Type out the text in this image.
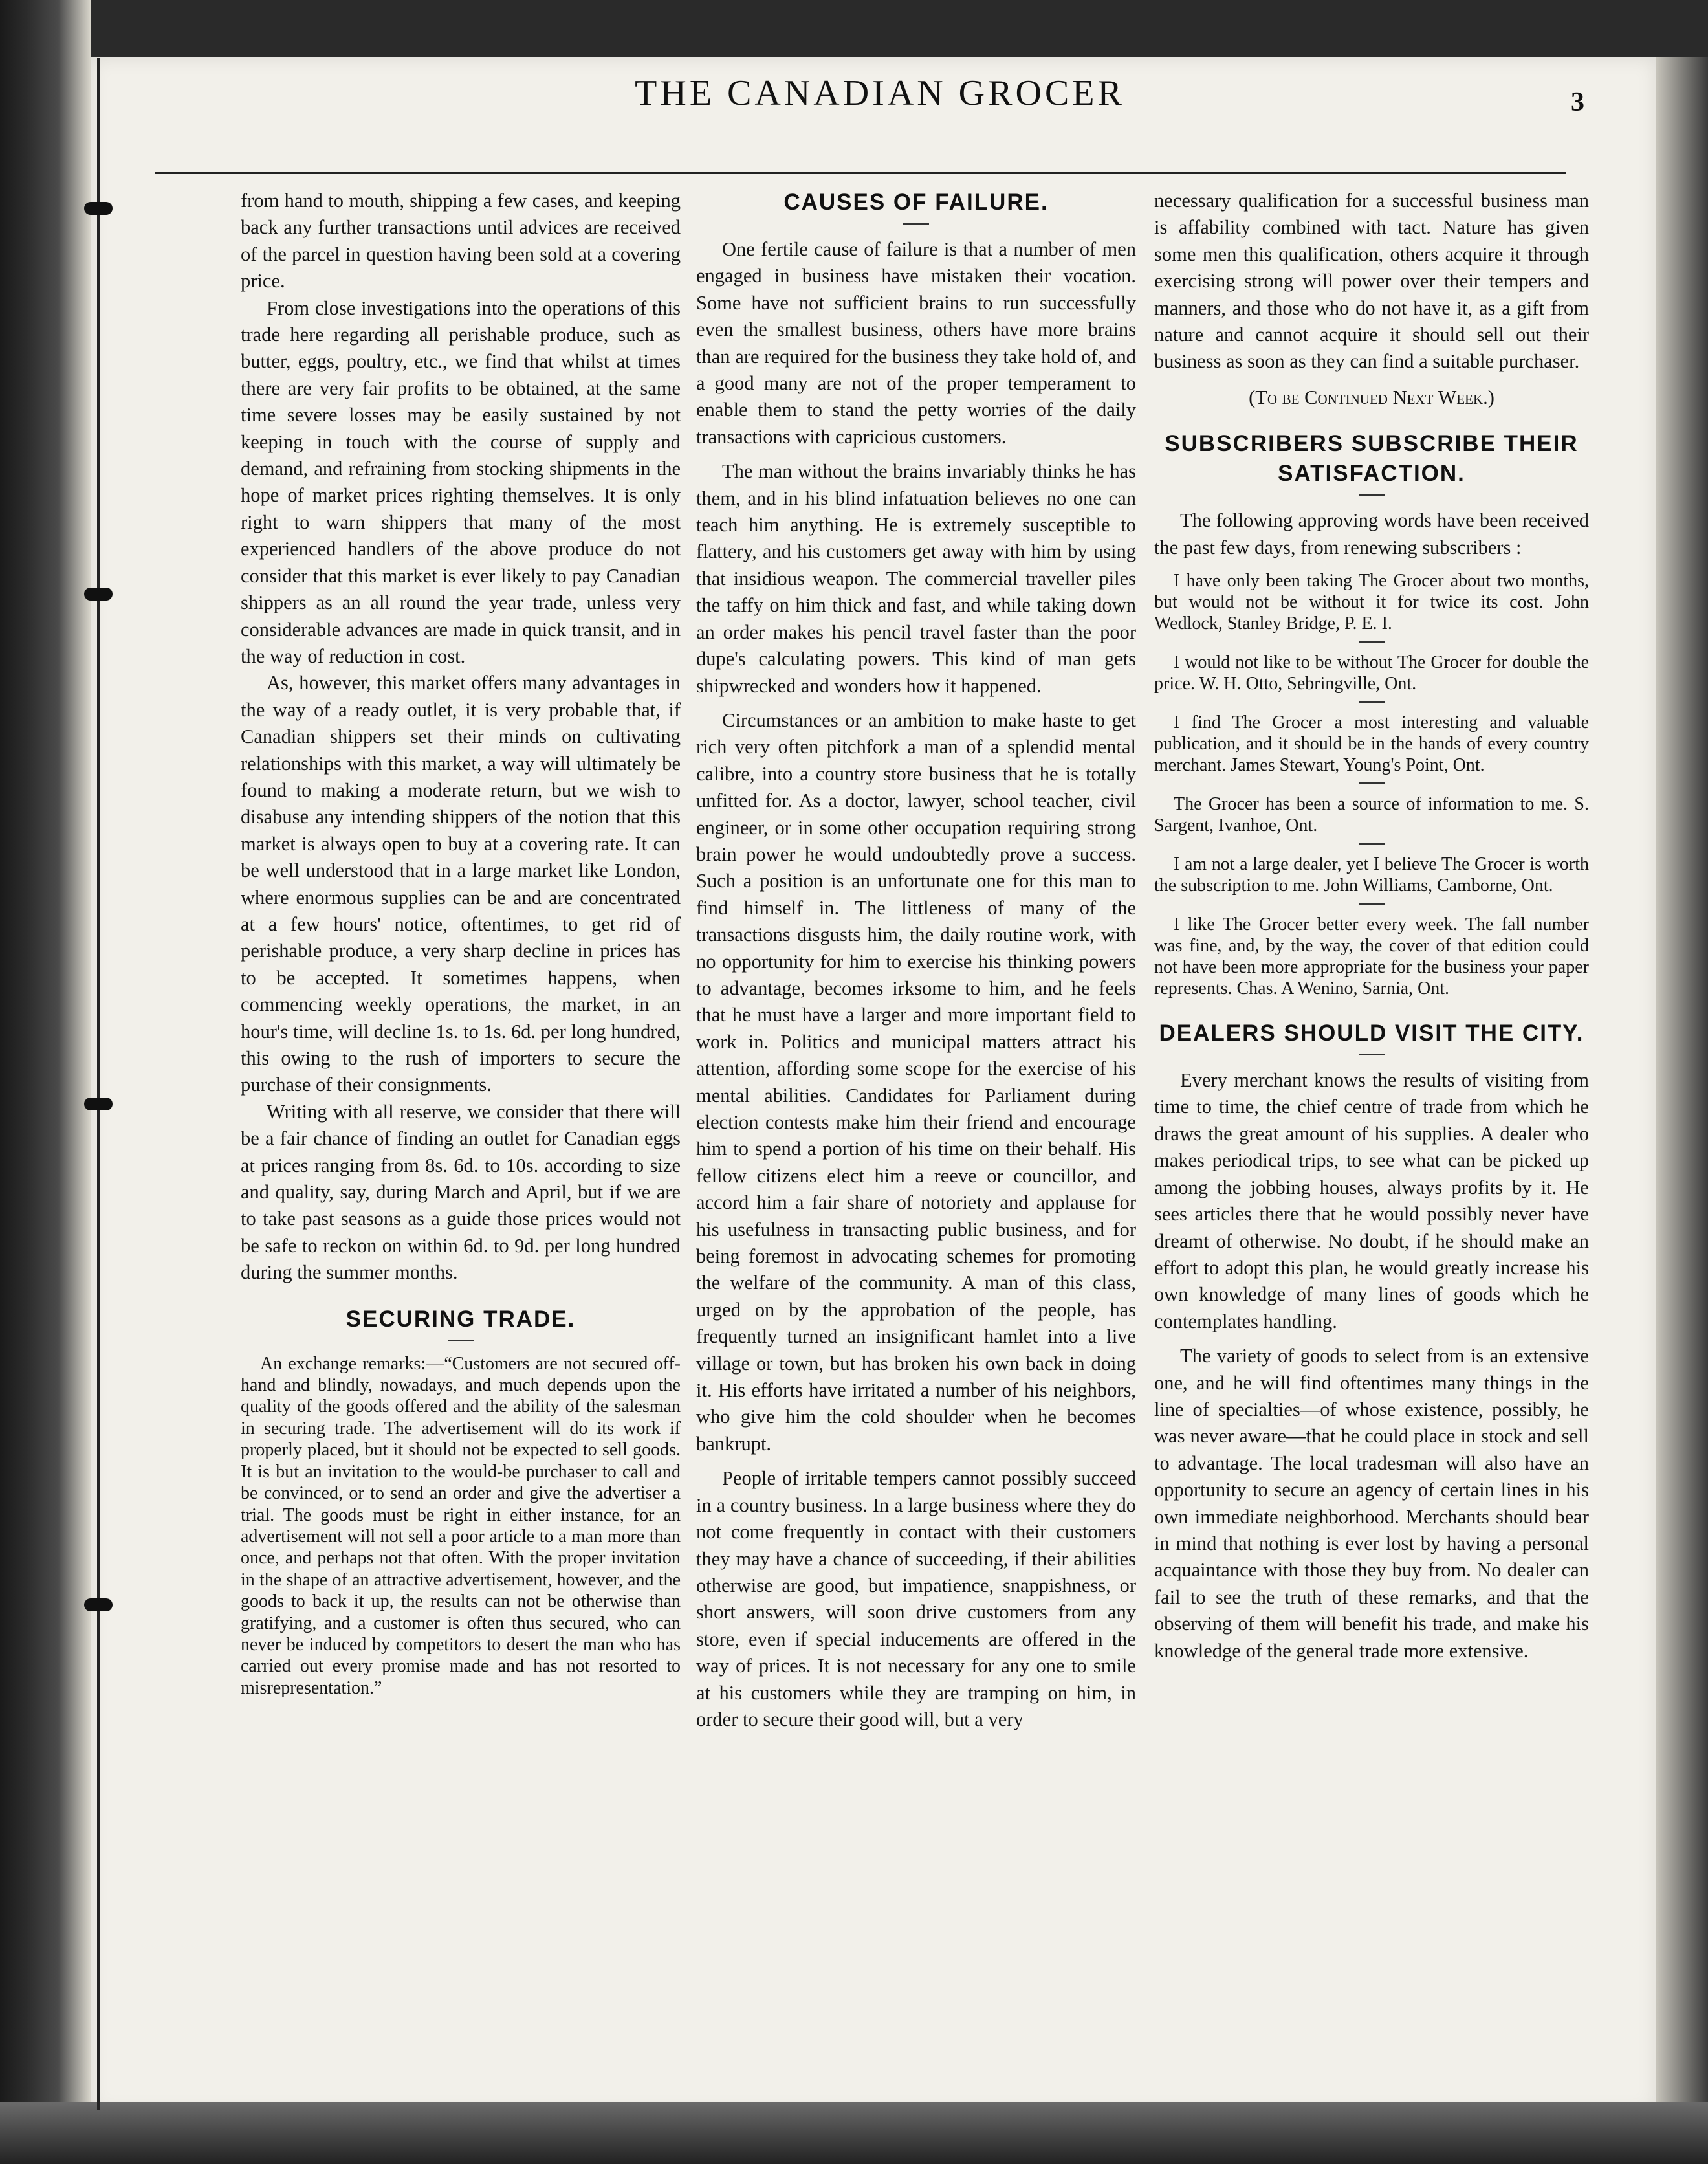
THE CANADIAN GROCER	3

from hand to mouth, shipping a few cases, and keeping back any further transactions until advices are received of the parcel in question having been sold at a covering price.

From close investigations into the operations of this trade here regarding all perishable produce, such as butter, eggs, poultry, etc., we find that whilst at times there are very fair profits to be obtained, at the same time severe losses may be easily sustained by not keeping in touch with the course of supply and demand, and refraining from stocking shipments in the hope of market prices righting themselves. It is only right to warn shippers that many of the most experienced handlers of the above produce do not consider that this market is ever likely to pay Canadian shippers as an all round the year trade, unless very considerable advances are made in quick transit, and in the way of reduction in cost.

As, however, this market offers many advantages in the way of a ready outlet, it is very probable that, if Canadian shippers set their minds on cultivating relationships with this market, a way will ultimately be found to making a moderate return, but we wish to disabuse any intending shippers of the notion that this market is always open to buy at a covering rate. It can be well understood that in a large market like London, where enormous supplies can be and are concentrated at a few hours' notice, oftentimes, to get rid of perishable produce, a very sharp decline in prices has to be accepted. It sometimes happens, when commencing weekly operations, the market, in an hour's time, will decline 1s. to 1s. 6d. per long hundred, this owing to the rush of importers to secure the purchase of their consignments.

Writing with all reserve, we consider that there will be a fair chance of finding an outlet for Canadian eggs at prices ranging from 8s. 6d. to 10s. according to size and quality, say, during March and April, but if we are to take past seasons as a guide those prices would not be safe to reckon on within 6d. to 9d. per long hundred during the summer months.

SECURING TRADE.

An exchange remarks:—“Customers are not secured off-hand and blindly, nowadays, and much depends upon the quality of the goods offered and the ability of the salesman in securing trade. The advertisement will do its work if properly placed, but it should not be expected to sell goods. It is but an invitation to the would-be purchaser to call and be convinced, or to send an order and give the advertiser a trial. The goods must be right in either instance, for an advertisement will not sell a poor article to a man more than once, and perhaps not that often. With the proper invitation in the shape of an attractive advertisement, however, and the goods to back it up, the results can not be otherwise than gratifying, and a customer is often thus secured, who can never be induced by competitors to desert the man who has carried out every promise made and has not resorted to misrepresentation.”

CAUSES OF FAILURE.

One fertile cause of failure is that a number of men engaged in business have mistaken their vocation. Some have not sufficient brains to run successfully even the smallest business, others have more brains than are required for the business they take hold of, and a good many are not of the proper temperament to enable them to stand the petty worries of the daily transactions with capricious customers.

The man without the brains invariably thinks he has them, and in his blind infatuation believes no one can teach him anything. He is extremely susceptible to flattery, and his customers get away with him by using that insidious weapon. The commercial traveller piles the taffy on him thick and fast, and while taking down an order makes his pencil travel faster than the poor dupe's calculating powers. This kind of man gets shipwrecked and wonders how it happened.

Circumstances or an ambition to make haste to get rich very often pitchfork a man of a splendid mental calibre, into a country store business that he is totally unfitted for. As a doctor, lawyer, school teacher, civil engineer, or in some other occupation requiring strong brain power he would undoubtedly prove a success. Such a position is an unfortunate one for this man to find himself in. The littleness of many of the transactions disgusts him, the daily routine work, with no opportunity for him to exercise his thinking powers to advantage, becomes irksome to him, and he feels that he must have a larger and more important field to work in. Politics and municipal matters attract his attention, affording some scope for the exercise of his mental abilities. Candidates for Parliament during election contests make him their friend and encourage him to spend a portion of his time on their behalf. His fellow citizens elect him a reeve or councillor, and accord him a fair share of notoriety and applause for his usefulness in transacting public business, and for being foremost in advocating schemes for promoting the welfare of the community. A man of this class, urged on by the approbation of the people, has frequently turned an insignificant hamlet into a live village or town, but has broken his own back in doing it. His efforts have irritated a number of his neighbors, who give him the cold shoulder when he becomes bankrupt.

People of irritable tempers cannot possibly succeed in a country business. In a large business where they do not come frequently in contact with their customers they may have a chance of succeeding, if their abilities otherwise are good, but impatience, snappishness, or short answers, will soon drive customers from any store, even if special inducements are offered in the way of prices. It is not necessary for any one to smile at his customers while they are tramping on him, in order to secure their good will, but a very

necessary qualification for a successful business man is affability combined with tact. Nature has given some men this qualification, others acquire it through exercising strong will power over their tempers and manners, and those who do not have it, as a gift from nature and cannot acquire it should sell out their business as soon as they can find a suitable purchaser.

(To be Continued Next Week.)

SUBSCRIBERS SUBSCRIBE THEIR SATISFACTION.

The following approving words have been received the past few days, from renewing subscribers :

I have only been taking The Grocer about two months, but would not be without it for twice its cost. John Wedlock, Stanley Bridge, P. E. I.

I would not like to be without The Grocer for double the price. W. H. Otto, Sebringville, Ont.

I find The Grocer a most interesting and valuable publication, and it should be in the hands of every country merchant. James Stewart, Young's Point, Ont.

The Grocer has been a source of information to me. S. Sargent, Ivanhoe, Ont.

I am not a large dealer, yet I believe The Grocer is worth the subscription to me. John Williams, Camborne, Ont.

I like The Grocer better every week. The fall number was fine, and, by the way, the cover of that edition could not have been more appropriate for the business your paper represents. Chas. A Wenino, Sarnia, Ont.

DEALERS SHOULD VISIT THE CITY.

Every merchant knows the results of visiting from time to time, the chief centre of trade from which he draws the great amount of his supplies. A dealer who makes periodical trips, to see what can be picked up among the jobbing houses, always profits by it. He sees articles there that he would possibly never have dreamt of otherwise. No doubt, if he should make an effort to adopt this plan, he would greatly increase his own knowledge of many lines of goods which he contemplates handling.

The variety of goods to select from is an extensive one, and he will find oftentimes many things in the line of specialties—of whose existence, possibly, he was never aware—that he could place in stock and sell to advantage. The local tradesman will also have an opportunity to secure an agency of certain lines in his own immediate neighborhood. Merchants should bear in mind that nothing is ever lost by having a personal acquaintance with those they buy from. No dealer can fail to see the truth of these remarks, and that the observing of them will benefit his trade, and make his knowledge of the general trade more extensive.
